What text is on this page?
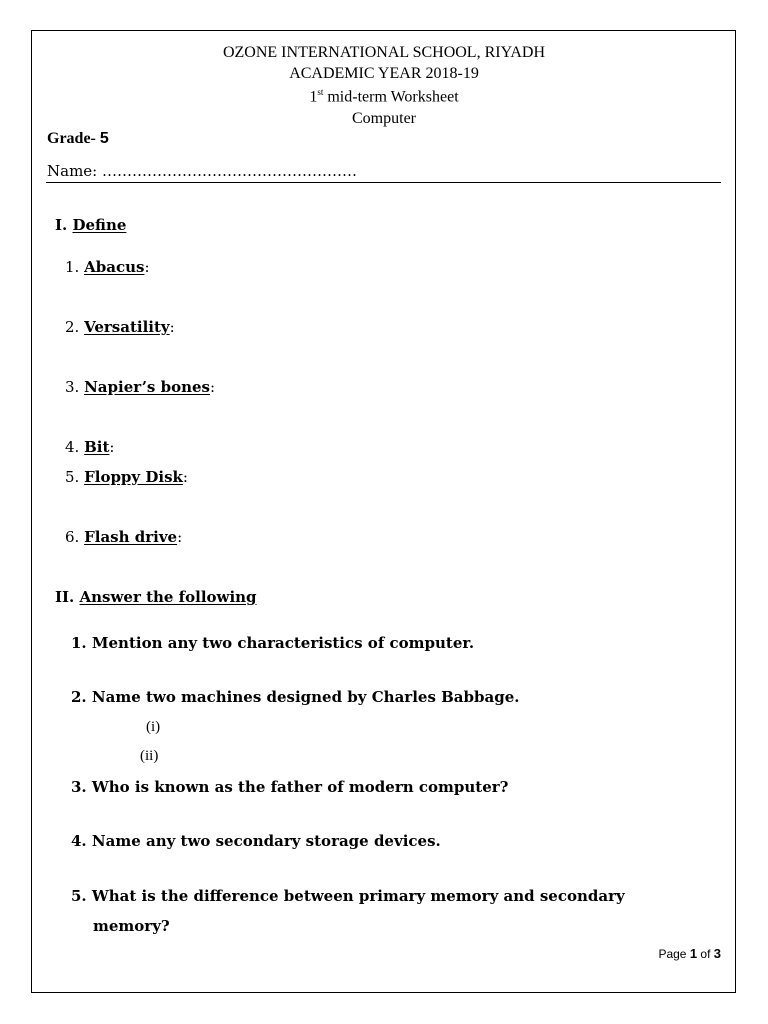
OZONE INTERNATIONAL SCHOOL, RIYADH
ACADEMIC YEAR 2018-19
1st mid-term Worksheet
Computer
Grade- 5
Name: ……………………………………………
I. Define
1. Abacus:
2. Versatility:
3. Napier’s bones:
4. Bit:
5. Floppy Disk:
6. Flash drive:
II. Answer the following
1. Mention any two characteristics of computer.
2. Name two machines designed by Charles Babbage.
(i)
(ii)
3. Who is known as the father of modern computer?
4. Name any two secondary storage devices.
5. What is the difference between primary memory and secondary
memory?
Page 1 of 3
